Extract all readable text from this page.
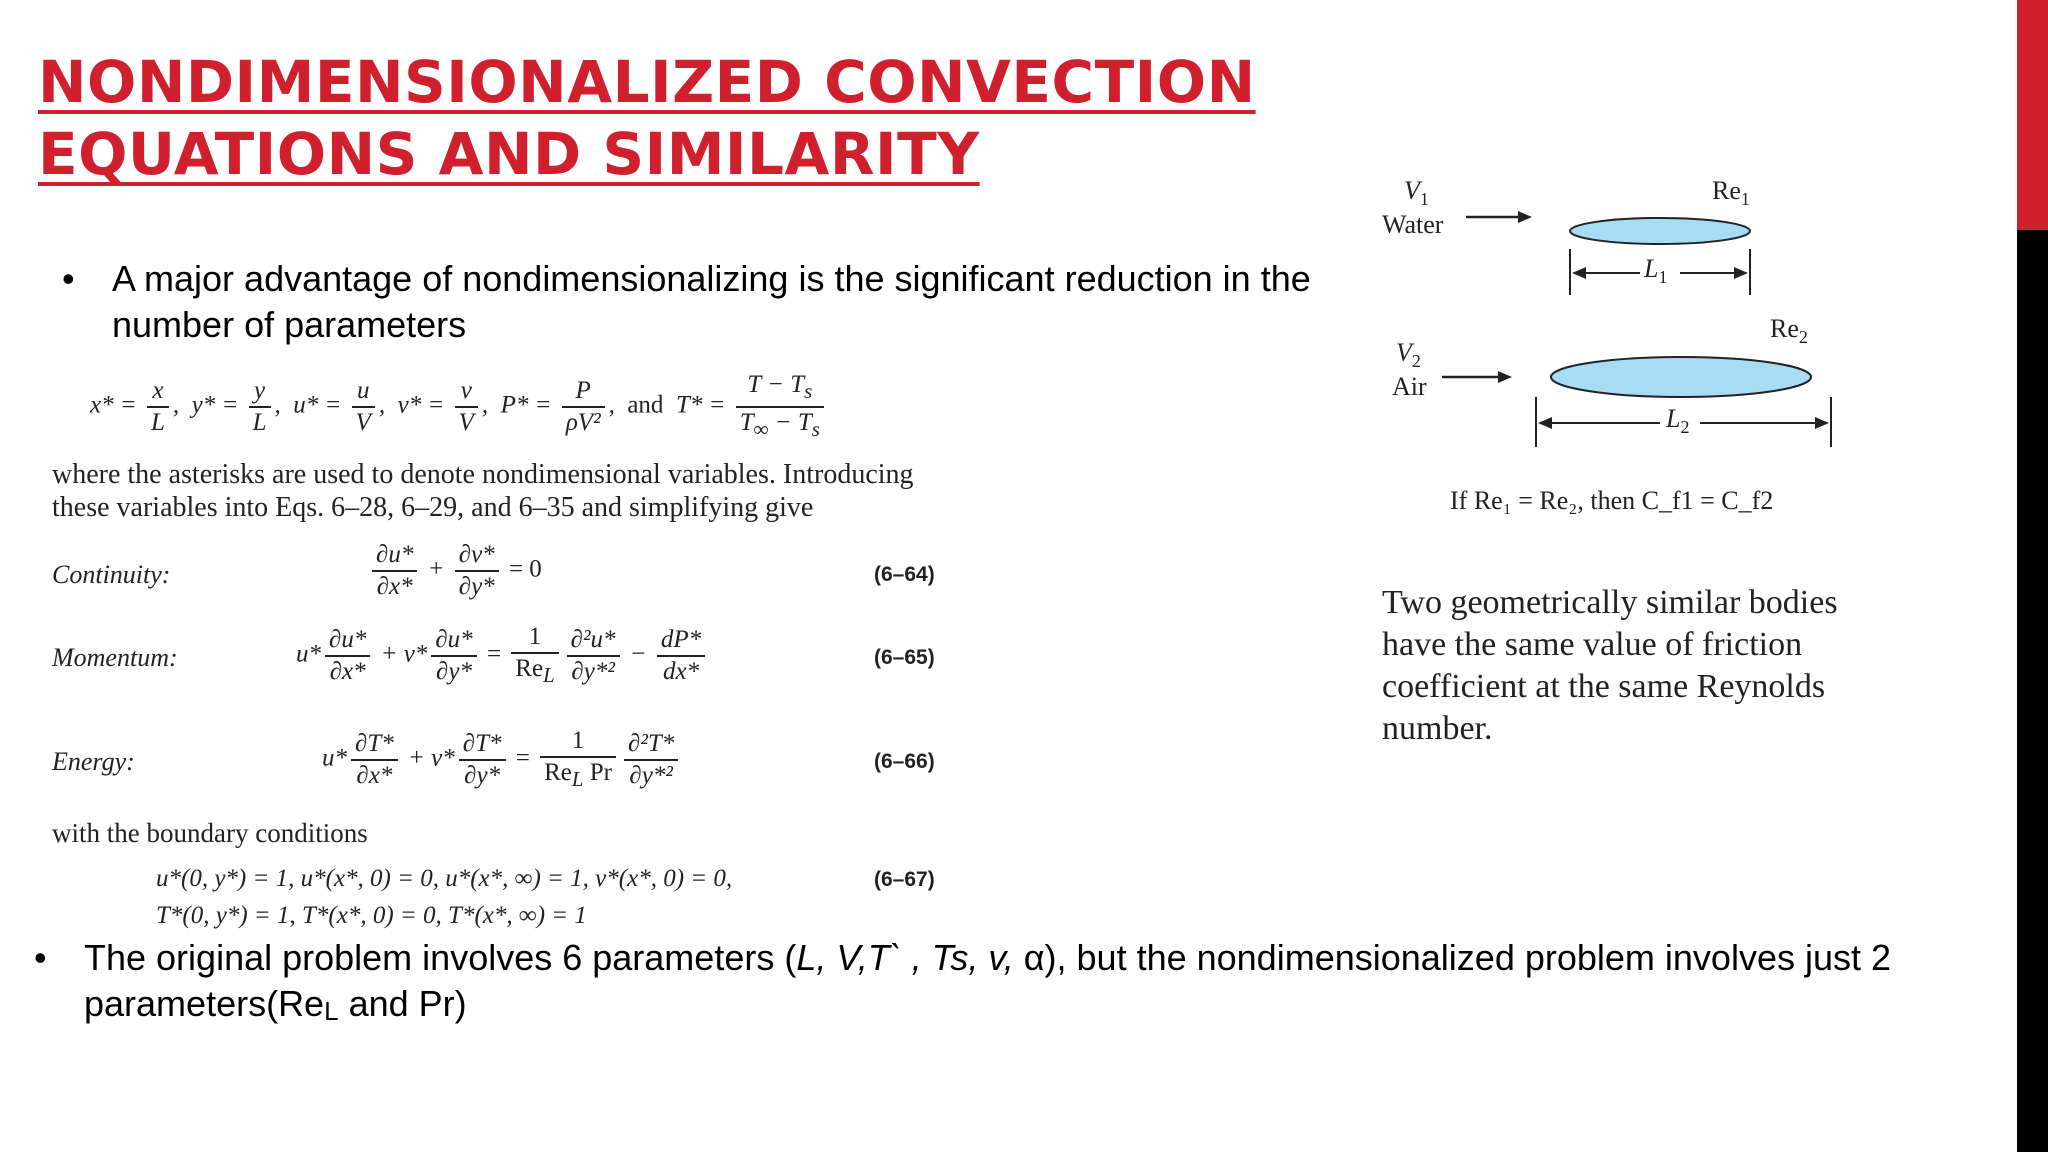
NONDIMENSIONALIZED CONVECTION
EQUATIONS AND SIMILARITY
• A major advantage of nondimensionalizing is the significant reduction in the number of parameters
$x* = \frac{x}{L}$ ,  $y* = \frac{y}{L}$ ,  $u* = \frac{u}{V}$ ,  $v* = \frac{v}{V}$ ,  $P* = \frac{P}{\text{ρV²}}$ ,  and  $T* = \frac{T - T_s}{T_\infty - T_s}$
where the asterisks are used to denote nondimensional variables. Introducing these variables into Eqs. 6–28, 6–29, and 6–35 and simplifying give
Continuity:	$\frac{\partial u*}{\partial x*} + \frac{\partial v*}{\partial y*} = 0$	(6–64)
Momentum:	$u* \frac{\partial u*}{\partial x*} + v* \frac{\partial u*}{\partial y*} = \frac{1}{Re_L} \frac{\text{∂²u*}}{\text{∂y*²}} - \frac{dP*}{dx*}$	(6–65)
Energy:	$u* \frac{\partial T*}{\partial x*} + v* \frac{\partial T*}{\partial y*} = \frac{1}{Re_L Pr} \frac{\text{∂²T*}}{\text{∂y*²}}$	(6–66)
with the boundary conditions
u*(0, y*) = 1, u*(x*, 0) = 0, u*(x*, ∞) = 1, v*(x*, 0) = 0,
T*(0, y*) = 1, T*(x*, 0) = 0, T*(x*, ∞) = 1
(6–67)
$V_1$
Water
$Re_1$
$L_1$
$V_2$
Air
$Re_2$
$L_2$
If Re₁ = Re₂, then C_f1 = C_f2
Two geometrically similar bodies have the same value of friction coefficient at the same Reynolds number.
• The original problem involves 6 parameters (L, V,T` , Ts, v, α), but the nondimensionalized problem involves just 2 $parameters(Re_L$ and Pr)
